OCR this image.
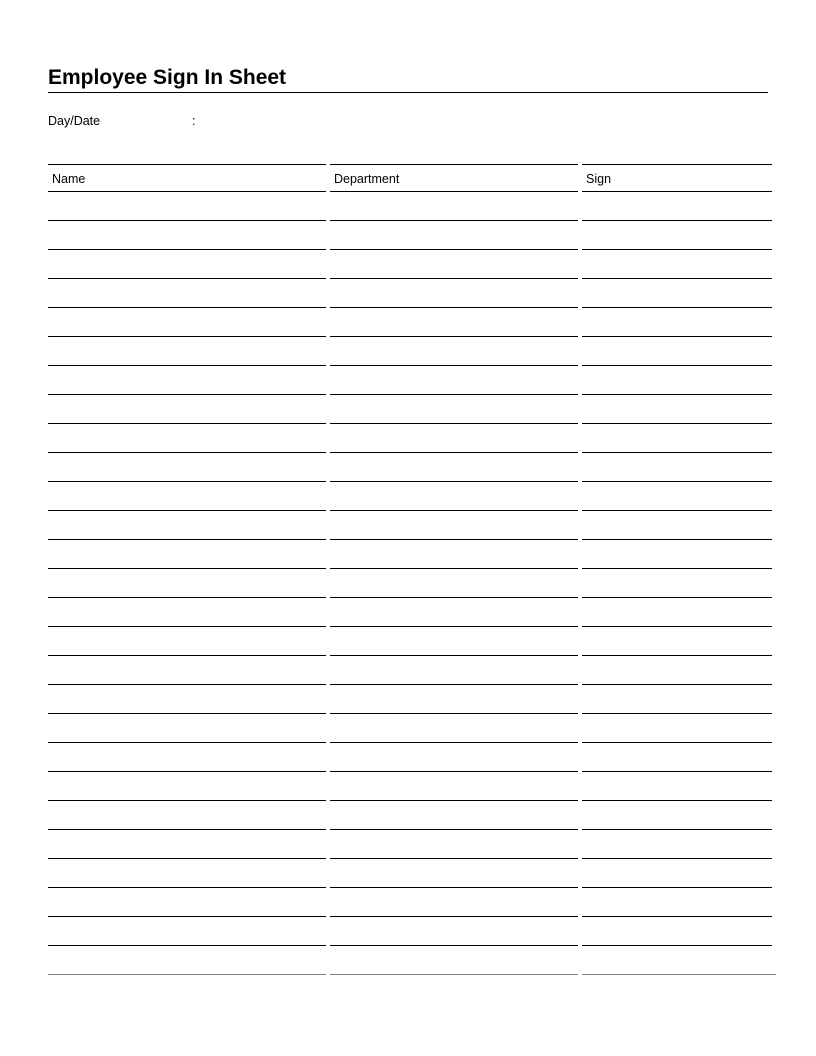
Employee Sign In Sheet
Day/Date	:
Name	Department	Sign
